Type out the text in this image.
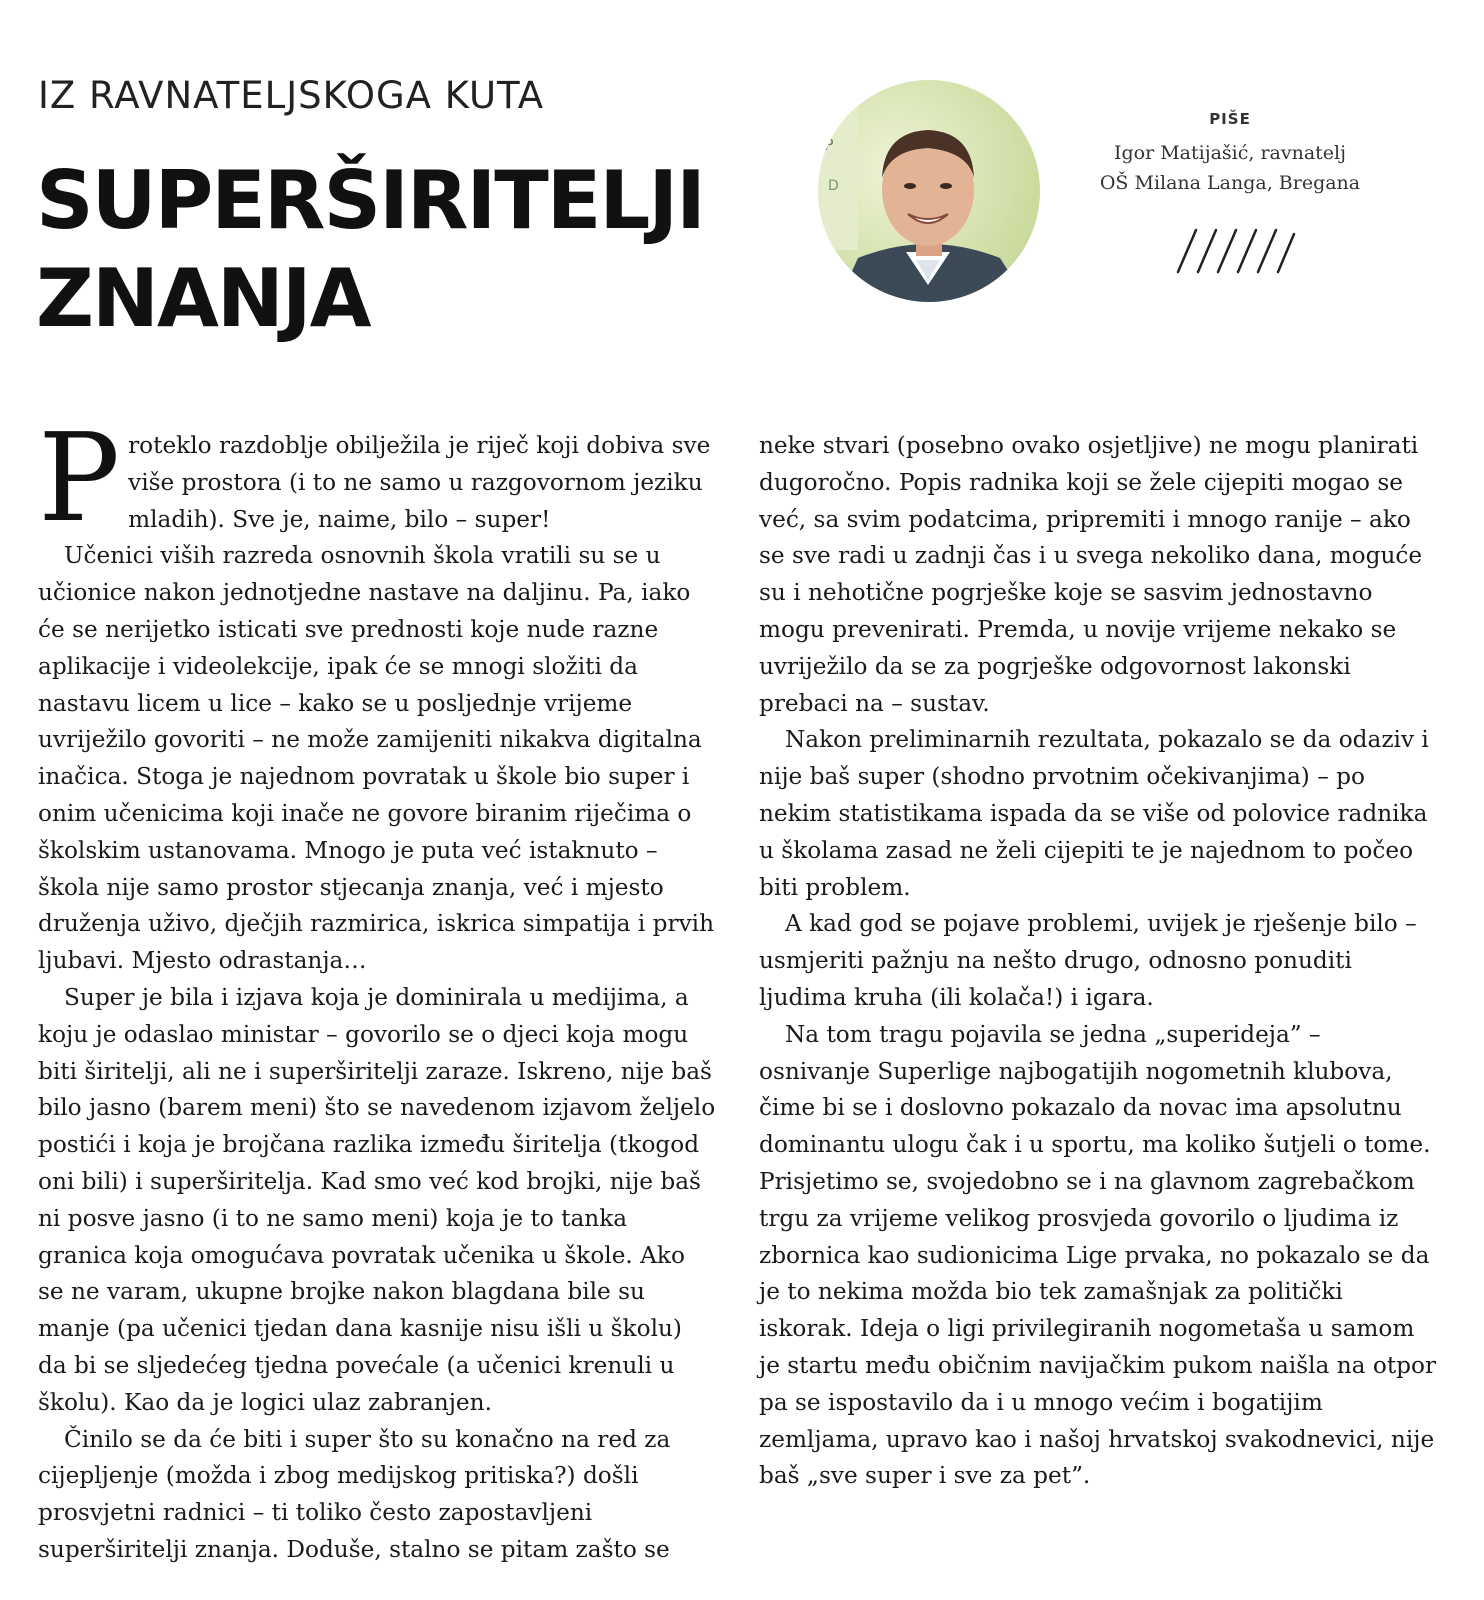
IZ RAVNATELJSKOGA KUTA
SUPERŠIRITELJI
ZNANJA
P
D
PIŠE
Igor Matijašić, ravnatelj
OŠ Milana Langa, Bregana

P roteklo razdoblje obilježila je riječ koji dobiva sve više prostora (i to ne samo u razgovornom jeziku mladih). Sve je, naime, bilo – super!

Učenici viših razreda osnovnih škola vratili su se u učionice nakon jednotjedne nastave na daljinu. Pa, iako će se nerijetko isticati sve prednosti koje nude razne aplikacije i videolekcije, ipak će se mnogi složiti da nastavu licem u lice – kako se u posljednje vrijeme uvriježilo govoriti – ne može zamijeniti nikakva digitalna inačica. Stoga je najednom povratak u škole bio super i onim učenicima koji inače ne govore biranim riječima o školskim ustanovama. Mnogo je puta već istaknuto – škola nije samo prostor stjecanja znanja, već i mjesto druženja uživo, dječjih razmirica, iskrica simpatija i prvih ljubavi. Mjesto odrastanja…

Super je bila i izjava koja je dominirala u medijima, a koju je odaslao ministar – govorilo se o djeci koja mogu biti širitelji, ali ne i superširitelji zaraze. Iskreno, nije baš bilo jasno (barem meni) što se navedenom izjavom željelo postići i koja je brojčana razlika između širitelja (tkogod oni bili) i superširitelja. Kad smo već kod brojki, nije baš ni posve jasno (i to ne samo meni) koja je to tanka granica koja omogućava povratak učenika u škole. Ako se ne varam, ukupne brojke nakon blagdana bile su manje (pa učenici tjedan dana kasnije nisu išli u školu) da bi se sljedećeg tjedna povećale (a učenici krenuli u školu). Kao da je logici ulaz zabranjen.

Činilo se da će biti i super što su konačno na red za cijepljenje (možda i zbog medijskog pritiska?) došli prosvjetni radnici – ti toliko često zapostavljeni superširitelji znanja. Doduše, stalno se pitam zašto se neke stvari (posebno ovako osjetljive) ne mogu planirati dugoročno. Popis radnika koji se žele cijepiti mogao se već, sa svim podatcima, pripremiti i mnogo ranije – ako se sve radi u zadnji čas i u svega nekoliko dana, moguće su i nehotične pogrješke koje se sasvim jednostavno mogu prevenirati. Premda, u novije vrijeme nekako se uvriježilo da se za pogrješke odgovornost lakonski prebaci na – sustav.

Nakon preliminarnih rezultata, pokazalo se da odaziv i nije baš super (shodno prvotnim očekivanjima) – po nekim statistikama ispada da se više od polovice radnika u školama zasad ne želi cijepiti te je najednom to počeo biti problem.

A kad god se pojave problemi, uvijek je rješenje bilo – usmjeriti pažnju na nešto drugo, odnosno ponuditi ljudima kruha (ili kolača!) i igara.

Na tom tragu pojavila se jedna „superideja” – osnivanje Superlige najbogatijih nogometnih klubova, čime bi se i doslovno pokazalo da novac ima apsolutnu dominantu ulogu čak i u sportu, ma koliko šutjeli o tome. Prisjetimo se, svojedobno se i na glavnom zagrebačkom trgu za vrijeme velikog prosvjeda govorilo o ljudima iz zbornica kao sudionicima Lige prvaka, no pokazalo se da je to nekima možda bio tek zamašnjak za politički iskorak. Ideja o ligi privilegiranih nogometaša u samom je startu među običnim navijačkim pukom naišla na otpor pa se ispostavilo da i u mnogo većim i bogatijim zemljama, upravo kao i našoj hrvatskoj svakodnevici, nije baš „sve super i sve za pet”.
